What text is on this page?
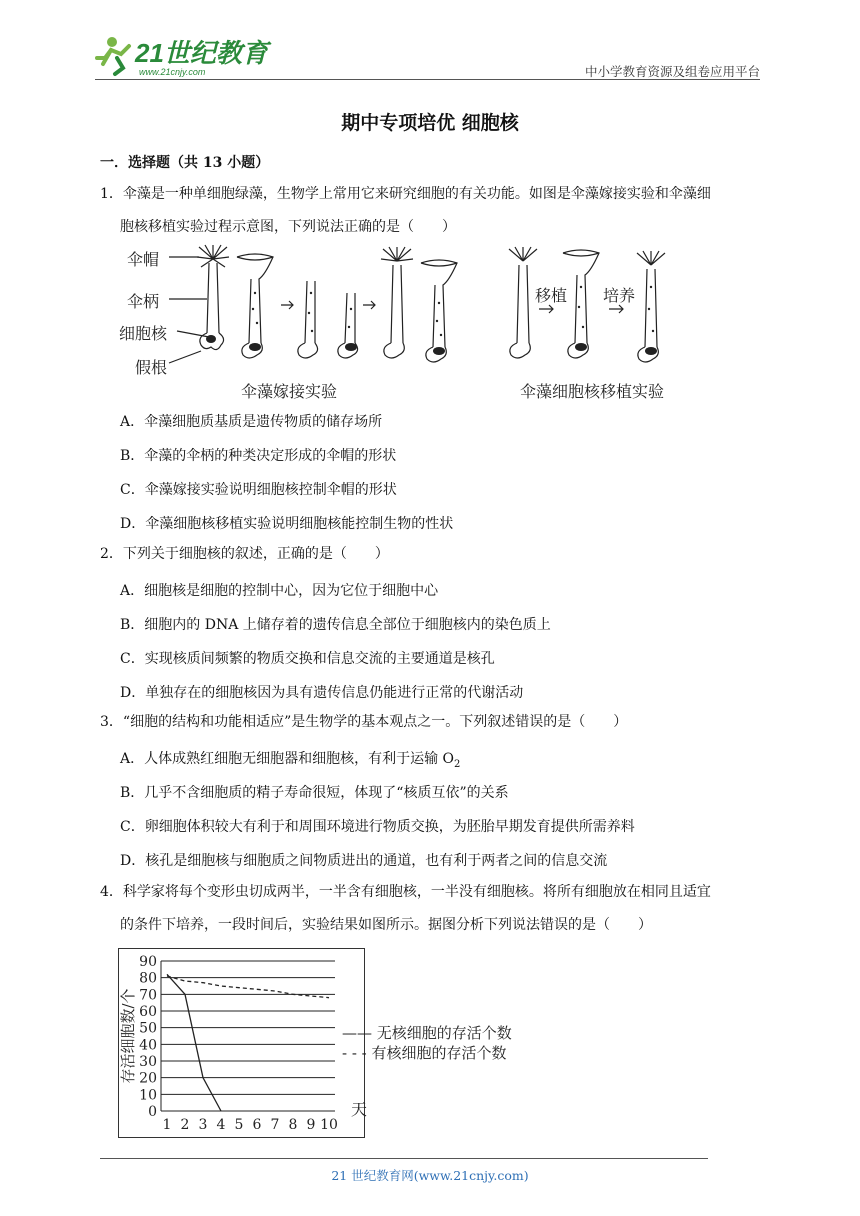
21世纪教育
www.21cnjy.com	中小学教育资源及组卷应用平台
期中专项培优 细胞核
一．选择题（共 13 小题）
1．伞藻是一种单细胞绿藻，生物学上常用它来研究细胞的有关功能。如图是伞藻嫁接实验和伞藻细
胞核移植实验过程示意图，下列说法正确的是（　　）
伞帽
伞柄
细胞核
假根
移植 培养
伞藻嫁接实验	伞藻细胞核移植实验
A．伞藻细胞质基质是遗传物质的储存场所
B．伞藻的伞柄的种类决定形成的伞帽的形状
C．伞藻嫁接实验说明细胞核控制伞帽的形状
D．伞藻细胞核移植实验说明细胞核能控制生物的性状
2．下列关于细胞核的叙述，正确的是（　　）
A．细胞核是细胞的控制中心，因为它位于细胞中心
B．细胞内的 DNA 上储存着的遗传信息全部位于细胞核内的染色质上
C．实现核质间频繁的物质交换和信息交流的主要通道是核孔
D．单独存在的细胞核因为具有遗传信息仍能进行正常的代谢活动
3．“细胞的结构和功能相适应”是生物学的基本观点之一。下列叙述错误的是（　　）
A．人体成熟红细胞无细胞器和细胞核，有利于运输 $O_2$
B．几乎不含细胞质的精子寿命很短，体现了“核质互依”的关系
C．卵细胞体积较大有利于和周围环境进行物质交换，为胚胎早期发育提供所需养料
D．核孔是细胞核与细胞质之间物质进出的通道，也有利于两者之间的信息交流
4．科学家将每个变形虫切成两半，一半含有细胞核，一半没有细胞核。将所有细胞放在相同且适宜
的条件下培养，一段时间后，实验结果如图所示。据图分析下列说法错误的是（　　）
0
10
20
30
40
50
60
70
80
90
1 2 3 4 5 6 7 8 9 10
天
存活细胞数/个	—— 无核细胞的存活个数
- - - 有核细胞的存活个数
21 世纪教育网(www.21cnjy.com)
